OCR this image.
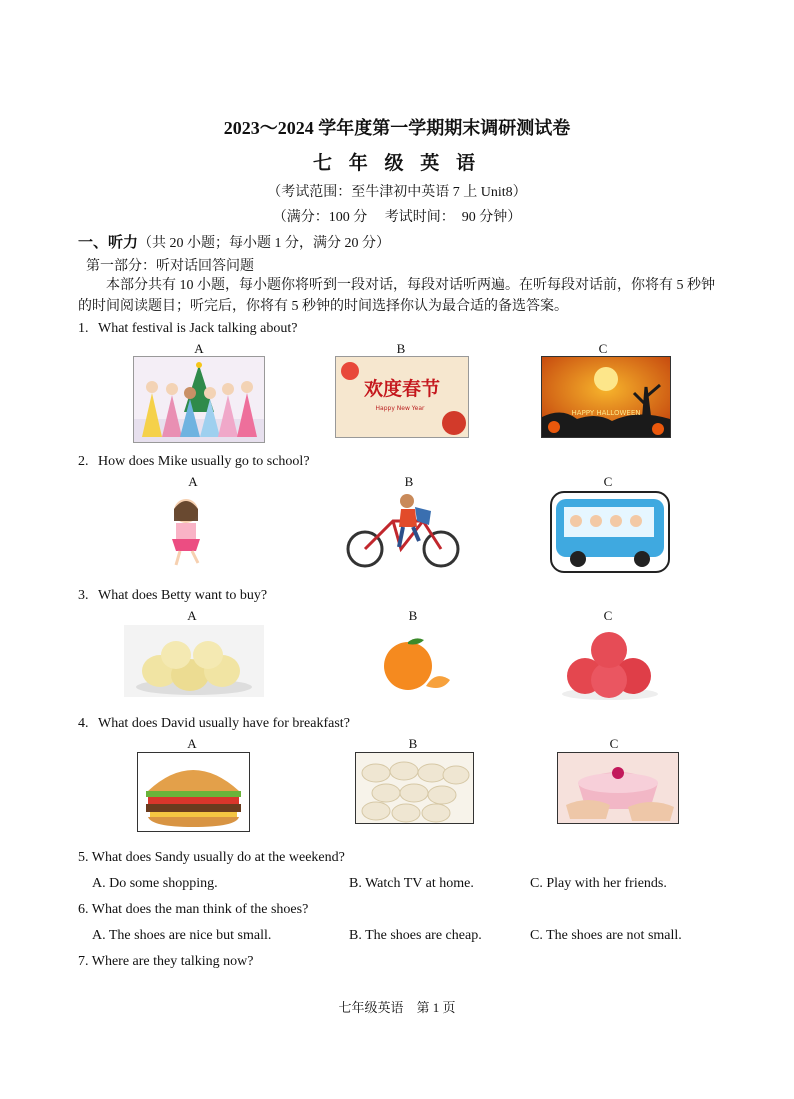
2023～2024 学年度第一学期期末调研测试卷
七 年 级 英 语
（考试范围：至牛津初中英语 7 上 Unit8）
（满分：100 分　 考试时间：　90 分钟）
一、听力（共 20 小题；每小题 1 分，满分 20 分）
第一部分：听对话回答问题
本部分共有 10 小题，每小题你将听到一段对话，每段对话听两遍。在听每段对话前，你将有 5 秒钟的时间阅读题目；听完后，你将有 5 秒钟的时间选择你认为最合适的备选答案。
1. What festival is Jack talking about?
A	B	C
欢度春节
Happy New Year
HAPPY HALLOWEEN
2. How does Mike usually go to school?
A	B	C
3. What does Betty want to buy?
A	B	C
4. What does David usually have for breakfast?
A	B	C
5. What does Sandy usually do at the weekend?
A. Do some shopping.	B. Watch TV at home.	C. Play with her friends.
6. What does the man think of the shoes?
A. The shoes are nice but small.	B. The shoes are cheap.	C. The shoes are not small.
7. Where are they talking now?
七年级英语　第 1 页
